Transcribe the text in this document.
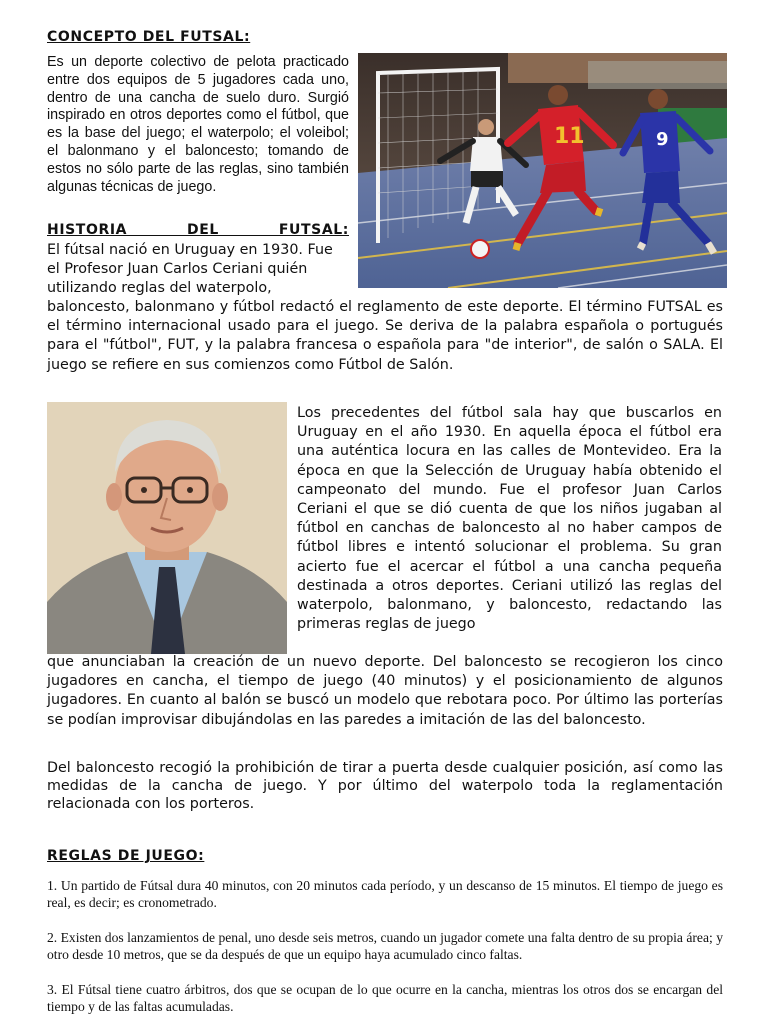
CONCEPTO DEL FUTSAL:

Es un deporte colectivo de pelota practicado entre dos equipos de 5 jugadores cada uno, dentro de una cancha de suelo duro. Surgió inspirado en otros deportes como el fútbol, que es la base del juego; el waterpolo; el voleibol; el balonmano y el baloncesto; tomando de estos no sólo parte de las reglas, sino también algunas técnicas de juego.

11	9

HISTORIA DEL FUTSAL:

El fútsal nació en Uruguay en 1930. Fue el Profesor Juan Carlos Ceriani quién utilizando reglas del waterpolo,

baloncesto, balonmano y fútbol redactó el reglamento de este deporte. El término FUTSAL es el término internacional usado para el juego. Se deriva de la palabra española o portugués para el "fútbol", FUT, y la palabra francesa o española para "de interior", de salón o SALA. El juego se refiere en sus comienzos como Fútbol de Salón.

Los precedentes del fútbol sala hay que buscarlos en Uruguay en el año 1930. En aquella época el fútbol era una auténtica locura en las calles de Montevideo. Era la época en que la Selección de Uruguay había obtenido el campeonato del mundo. Fue el profesor Juan Carlos Ceriani el que se dió cuenta de que los niños jugaban al fútbol en canchas de baloncesto al no haber campos de fútbol libres e intentó solucionar el problema. Su gran acierto fue el acercar el fútbol a una cancha pequeña destinada a otros deportes. Ceriani utilizó las reglas del waterpolo, balonmano, y baloncesto, redactando las primeras reglas de juego

que anunciaban la creación de un nuevo deporte. Del baloncesto se recogieron los cinco jugadores en cancha, el tiempo de juego (40 minutos) y el posicionamiento de algunos jugadores. En cuanto al balón se buscó un modelo que rebotara poco. Por último las porterías se podían improvisar dibujándolas en las paredes a imitación de las del baloncesto.

Del baloncesto recogió la prohibición de tirar a puerta desde cualquier posición, así como las medidas de la cancha de juego. Y por último del waterpolo toda la reglamentación relacionada con los porteros.

REGLAS DE JUEGO:

1. Un partido de Fútsal dura 40 minutos, con 20 minutos cada período, y un descanso de 15 minutos. El tiempo de juego es real, es decir; es cronometrado.

2. Existen dos lanzamientos de penal, uno desde seis metros, cuando un jugador comete una falta dentro de su propia área; y otro desde 10 metros, que se da después de que un equipo haya acumulado cinco faltas.

3. El Fútsal tiene cuatro árbitros, dos que se ocupan de lo que ocurre en la cancha, mientras los otros dos se encargan del tiempo y de las faltas acumuladas.
